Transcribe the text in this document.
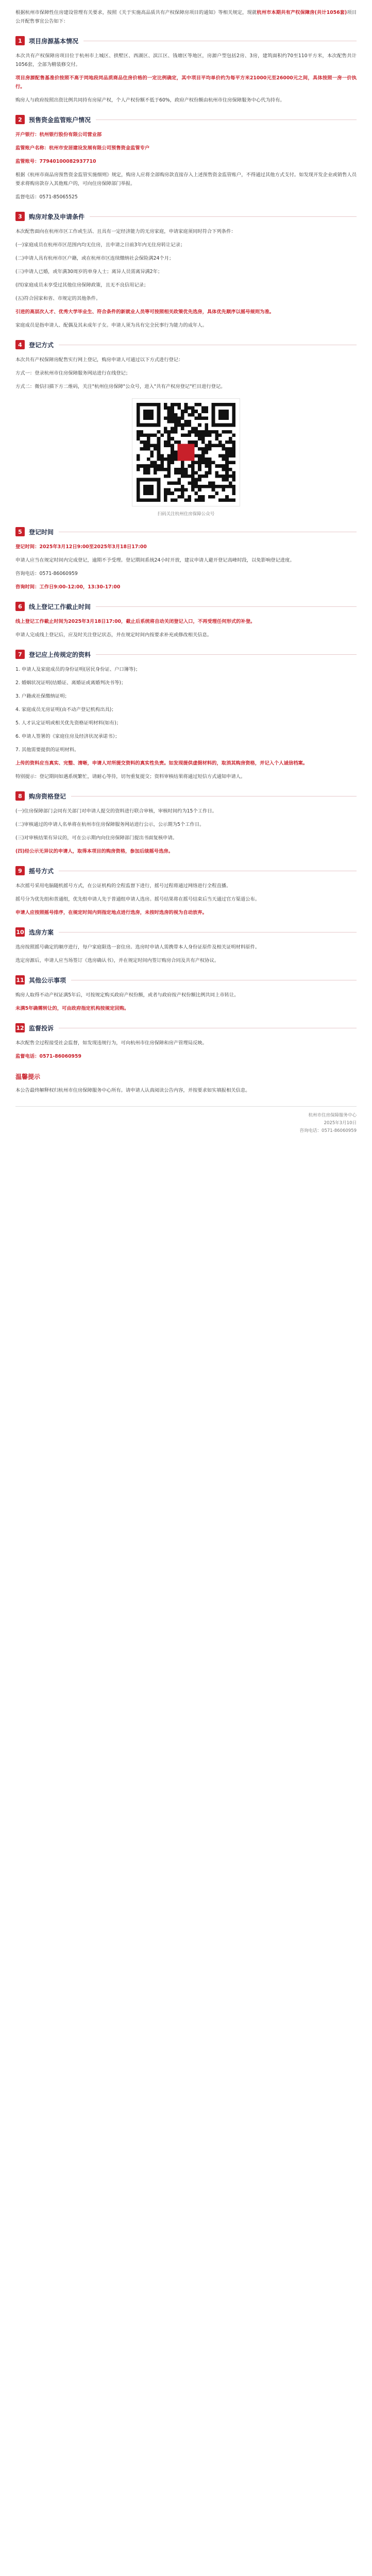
根据杭州市保障性住房建设管理有关要求，按照《关于实施高品质共有产权保障房项目的通知》等相关规定，现就杭州市本期共有产权保障房(共计1056套)项目公开配售事宜公告如下：

1	项目房源基本情况

本次共有产权保障房项目位于杭州市上城区、拱墅区、西湖区、滨江区、钱塘区等地区，房源户型包括2房、3房，建筑面积约70至110平方米，本次配售共计1056套，全部为精装修交付。

项目房源配售基准价按照不高于同地段同品质商品住房价格的一定比例确定，其中项目平均单价约为每平方米21000元至26000元之间，具体按照一房一价执行。

购房人与政府按照出资比例共同持有房屋产权，个人产权份额不低于60%，政府产权份额由杭州市住房保障服务中心代为持有。

2	预售资金监管账户情况

开户银行：杭州银行股份有限公司营业部

监管账户名称：杭州市安居建设发展有限公司预售资金监管专户

监管账号：77940100082937710

根据《杭州市商品房预售资金监管实施细则》规定，购房人应将全部购房款直接存入上述预售资金监管账户，不得通过其他方式支付。如发现开发企业或销售人员要求将购房款存入其他账户的，可向住房保障部门举报。

监督电话：0571-85065525

3	购房对象及申请条件

本次配售面向在杭州市区工作或生活、且具有一定经济能力的无房家庭，申请家庭须同时符合下列条件：

(一)家庭成员在杭州市区范围内均无住房，且申请之日前3年内无住房转让记录；

(二)申请人具有杭州市区户籍，或在杭州市区连续缴纳社会保险满24个月；

(三)申请人已婚，或年满30周岁的单身人士；离异人员需离异满2年；

(四)家庭成员未享受过其他住房保障政策，且无不良信用记录；

(五)符合国家和省、市规定的其他条件。

引进的高层次人才、优秀大学毕业生、符合条件的新就业人员等可按照相关政策优先选房，具体优先顺序以摇号规则为准。

家庭成员是指申请人、配偶及其未成年子女。申请人须为具有完全民事行为能力的成年人。

4	登记方式

本次共有产权保障房配售实行网上登记，购房申请人可通过以下方式进行登记：

方式一：登录杭州市住房保障服务网站进行在线登记；

方式二：微信扫描下方二维码，关注"杭州住房保障"公众号，进入"共有产权房登记"栏目进行登记。

扫码关注杭州住房保障公众号
5	登记时间

登记时间：2025年3月12日9:00至2025年3月18日17:00

申请人应当在规定时间内完成登记，逾期不予受理。登记期间系统24小时开放，建议申请人避开登记高峰时段，以免影响登记进度。

咨询电话：0571-86060959

咨询时间：工作日9:00-12:00，13:30-17:00

6	线上登记工作截止时间

线上登记工作截止时间为2025年3月18日17:00，截止后系统将自动关闭登记入口，不再受理任何形式的补登。

申请人完成线上登记后，应及时关注登记状态，并在规定时间内按要求补充或修改相关信息。

7	登记应上传规定的资料

1. 申请人及家庭成员的身份证明(居民身份证、户口簿等)；

2. 婚姻状况证明(结婚证、离婚证或离婚判决书等)；

3. 户籍或社保缴纳证明；

4. 家庭成员无房证明(由不动产登记机构出具)；

5. 人才认定证明或相关优先资格证明材料(如有)；

6. 申请人签署的《家庭住房及经济状况承诺书》；

7. 其他需要提供的证明材料。

上传的资料应当真实、完整、清晰，申请人对所提交资料的真实性负责。如发现提供虚假材料的，取消其购房资格，并记入个人诚信档案。

特别提示：登记期间如遇系统繁忙，请耐心等待，切勿重复提交；资料审核结果将通过短信方式通知申请人。

8	购房资格登记

(一)住房保障部门会同有关部门对申请人提交的资料进行联合审核，审核时间约为15个工作日。

(二)审核通过的申请人名单将在杭州市住房保障服务网站进行公示，公示期为5个工作日。

(三)对审核结果有异议的，可在公示期内向住房保障部门提出书面复核申请。

(四)经公示无异议的申请人，取得本项目的购房资格，参加后续摇号选房。

9	摇号方式

本次摇号采用电脑随机摇号方式，在公证机构的全程监督下进行，摇号过程将通过网络进行全程直播。

摇号分为优先组和普通组，优先组申请人先于普通组申请人选房。摇号结果将在摇号结束后当天通过官方渠道公布。

申请人应按照摇号排序，在规定时间内到指定地点进行选房，未按时选房的视为自动放弃。

10 选房方案

选房按照摇号确定的顺序进行，每户家庭限选一套住房。选房时申请人需携带本人身份证原件及相关证明材料原件。

选定房源后，申请人应当场签订《选房确认书》，并在规定时间内签订购房合同及共有产权协议。

11 其他公示事项

购房人取得不动产权证满5年后，可按规定购买政府产权份额，或者与政府按产权份额比例共同上市转让。

未满5年确需转让的，可由政府指定机构按规定回购。

12 监督投诉

本次配售全过程接受社会监督，如发现违规行为，可向杭州市住房保障和房产管理局反映。

监督电话：0571-86060959

温馨提示

本公告最终解释权归杭州市住房保障服务中心所有。请申请人认真阅读公告内容，并按要求如实填报相关信息。

杭州市住房保障服务中心
2025年3月10日
咨询电话：0571-86060959
